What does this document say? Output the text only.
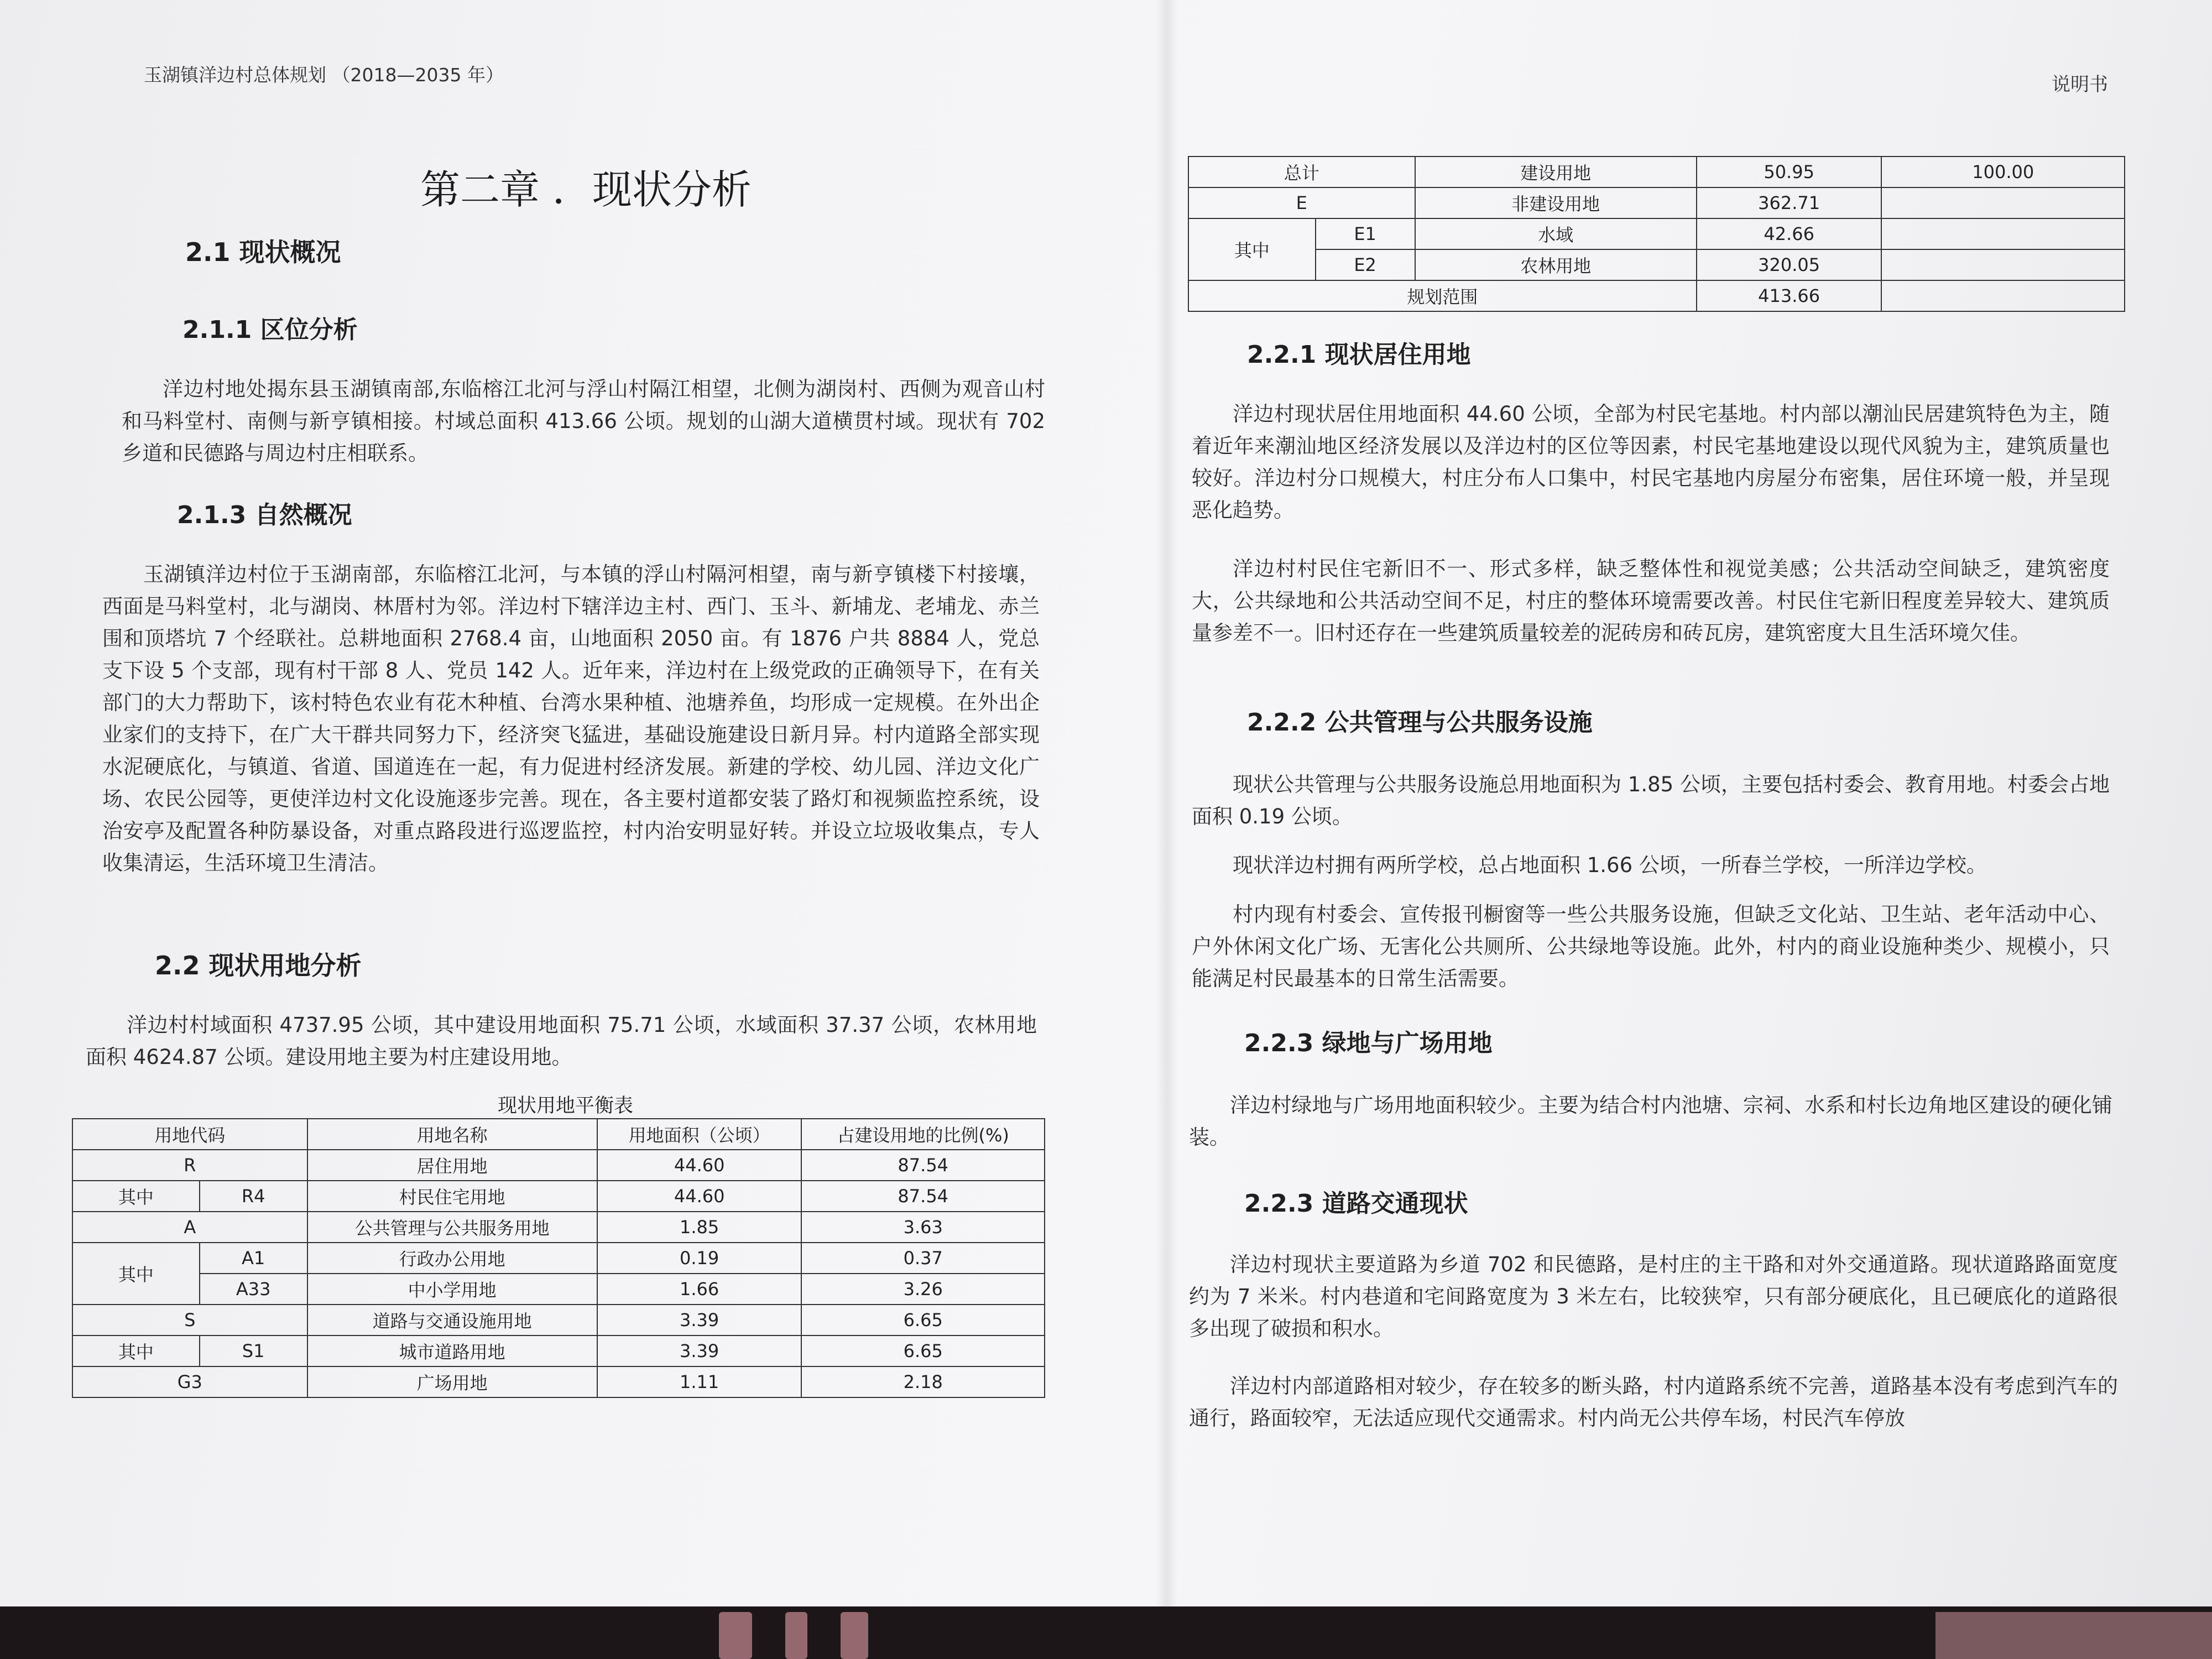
玉湖镇洋边村总体规划 （2018—2035 年）	说明书
第二章 ．现状分析
2.1 现状概况
2.1.1 区位分析

洋边村地处揭东县玉湖镇南部,东临榕江北河与浮山村隔江相望，北侧为湖岗村、西侧为观音山村和马料堂村、南侧与新亨镇相接。村域总面积 413.66 公顷。规划的山湖大道横贯村域。现状有 702 乡道和民德路与周边村庄相联系。

2.1.3 自然概况

玉湖镇洋边村位于玉湖南部，东临榕江北河，与本镇的浮山村隔河相望，南与新亨镇楼下村接壤，西面是马料堂村，北与湖岗、林厝村为邻。洋边村下辖洋边主村、西门、玉斗、新埔龙、老埔龙、赤兰围和顶塔坑 7 个经联社。总耕地面积 2768.4 亩，山地面积 2050 亩。有 1876 户共 8884 人，党总支下设 5 个支部，现有村干部 8 人、党员 142 人。近年来，洋边村在上级党政的正确领导下，在有关部门的大力帮助下，该村特色农业有花木种植、台湾水果种植、池塘养鱼，均形成一定规模。在外出企业家们的支持下，在广大干群共同努力下，经济突飞猛进，基础设施建设日新月异。村内道路全部实现水泥硬底化，与镇道、省道、国道连在一起，有力促进村经济发展。新建的学校、幼儿园、洋边文化广场、农民公园等，更使洋边村文化设施逐步完善。现在，各主要村道都安装了路灯和视频监控系统，设治安亭及配置各种防暴设备，对重点路段进行巡逻监控，村内治安明显好转。并设立垃圾收集点，专人收集清运，生活环境卫生清洁。

2.2 现状用地分析

洋边村村域面积 4737.95 公顷，其中建设用地面积 75.71 公顷，水域面积 37.37 公顷，农林用地面积 4624.87 公顷。建设用地主要为村庄建设用地。

现状用地平衡表
用地代码		用地名称	用地面积（公顷）	占建设用地的比例(%)
R		居住用地	44.60	87.54
其中	R4	村民住宅用地	44.60	87.54
A		公共管理与公共服务用地	1.85	3.63
其中	A1	行政办公用地	0.19	0.37
	A33	中小学用地	1.66	3.26
S		道路与交通设施用地	3.39	6.65
其中	S1	城市道路用地	3.39	6.65
G3		广场用地	1.11	2.18
总计		建设用地	50.95	100.00
E		非建设用地	362.71	
其中	E1	水域	42.66	
	E2	农林用地	320.05	
规划范围			413.66	
2.2.1 现状居住用地

洋边村现状居住用地面积 44.60 公顷，全部为村民宅基地。村内部以潮汕民居建筑特色为主，随着近年来潮汕地区经济发展以及洋边村的区位等因素，村民宅基地建设以现代风貌为主，建筑质量也较好。洋边村分口规模大，村庄分布人口集中，村民宅基地内房屋分布密集，居住环境一般，并呈现恶化趋势。

洋边村村民住宅新旧不一、形式多样，缺乏整体性和视觉美感；公共活动空间缺乏，建筑密度大，公共绿地和公共活动空间不足，村庄的整体环境需要改善。村民住宅新旧程度差异较大、建筑质量参差不一。旧村还存在一些建筑质量较差的泥砖房和砖瓦房，建筑密度大且生活环境欠佳。

2.2.2 公共管理与公共服务设施

现状公共管理与公共服务设施总用地面积为 1.85 公顷，主要包括村委会、教育用地。村委会占地面积 0.19 公顷。

现状洋边村拥有两所学校，总占地面积 1.66 公顷，一所春兰学校，一所洋边学校。

村内现有村委会、宣传报刊橱窗等一些公共服务设施，但缺乏文化站、卫生站、老年活动中心、户外休闲文化广场、无害化公共厕所、公共绿地等设施。此外，村内的商业设施种类少、规模小，只能满足村民最基本的日常生活需要。

2.2.3 绿地与广场用地

洋边村绿地与广场用地面积较少。主要为结合村内池塘、宗祠、水系和村长边角地区建设的硬化铺装。

2.2.3 道路交通现状

洋边村现状主要道路为乡道 702 和民德路，是村庄的主干路和对外交通道路。现状道路路面宽度约为 7 米米。村内巷道和宅间路宽度为 3 米左右，比较狭窄，只有部分硬底化，且已硬底化的道路很多出现了破损和积水。

洋边村内部道路相对较少，存在较多的断头路，村内道路系统不完善，道路基本没有考虑到汽车的通行，路面较窄，无法适应现代交通需求。村内尚无公共停车场，村民汽车停放
